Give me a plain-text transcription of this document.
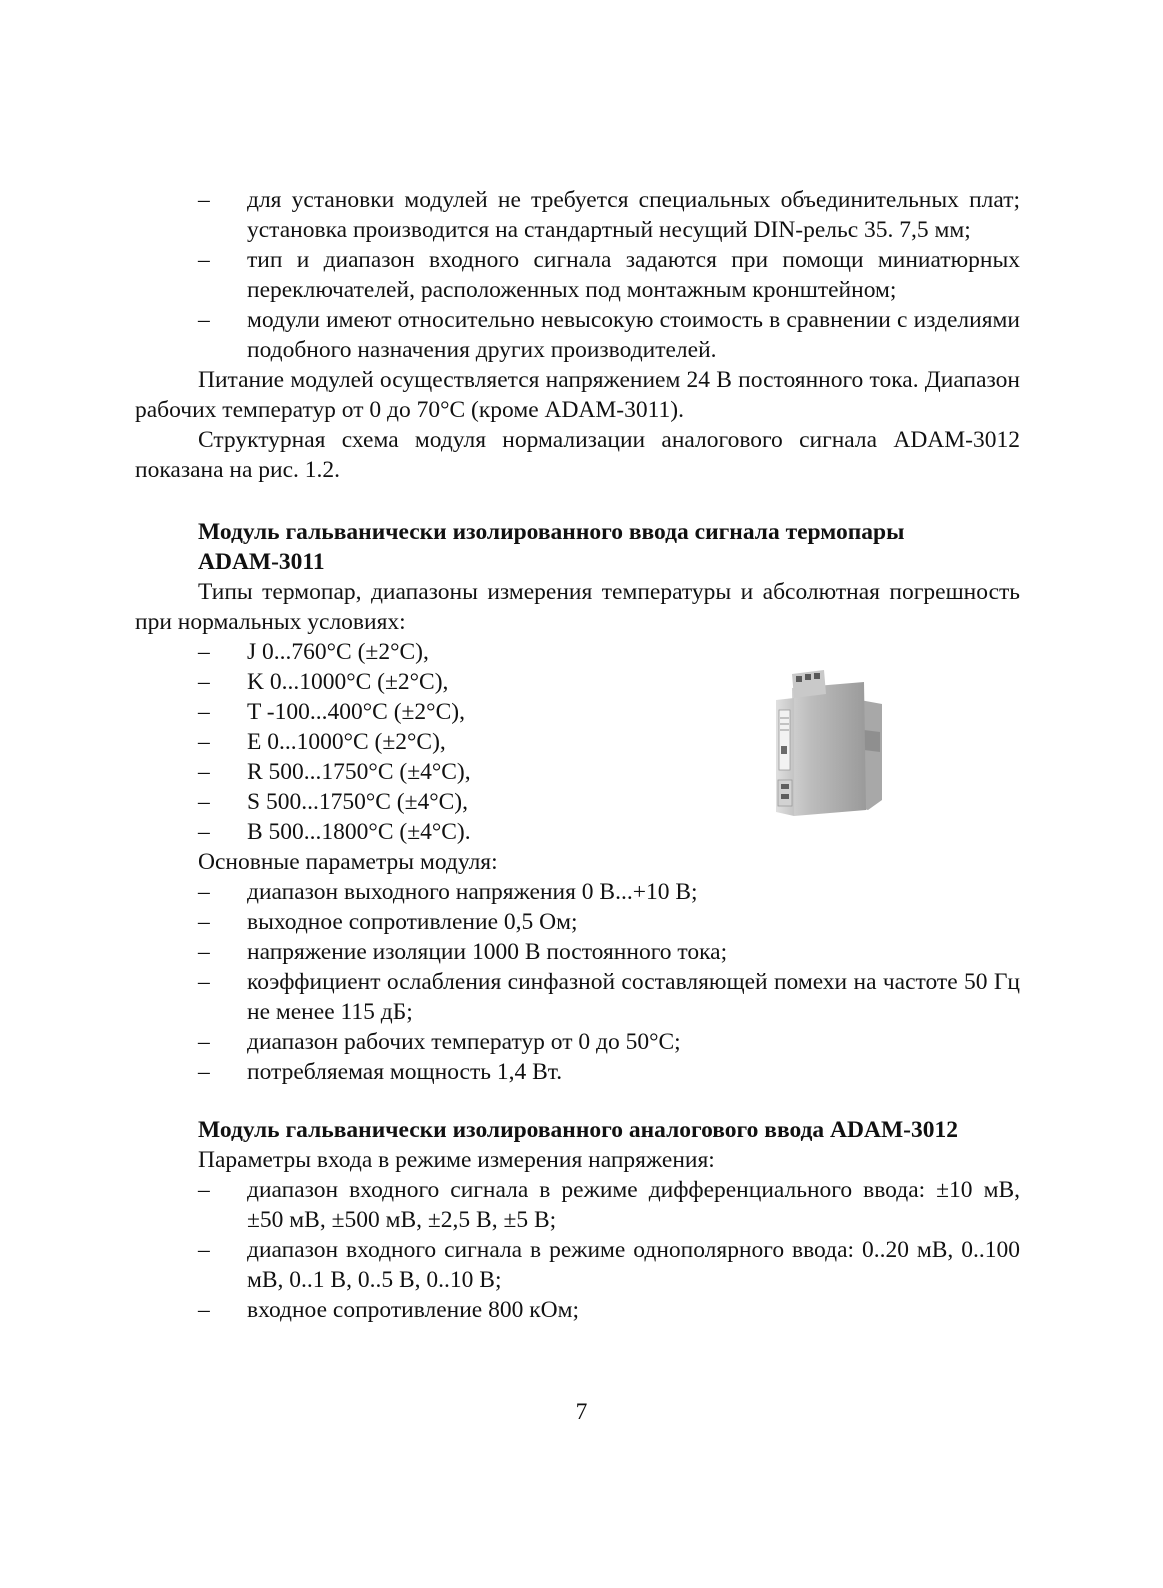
– для установки модулей не требуется специальных объединительных плат; установка производится на стандартный несущий DIN-рельс 35. 7,5 мм;
– тип и диапазон входного сигнала задаются при помощи миниатюрных переключателей, расположенных под монтажным кронштейном;
– модули имеют относительно невысокую стоимость в сравнении с изделиями подобного назначения других производителей.

Питание модулей осуществляется напряжением 24 В постоянного тока. Диапазон рабочих температур от 0 до 70°С (кроме ADAM-3011).

Структурная схема модуля нормализации аналогового сигнала ADAM-3012 показана на рис. 1.2.

Модуль гальванически изолированного ввода сигнала термопары
ADAM-3011

Типы термопар, диапазоны измерения температуры и абсолютная погрешность при нормальных условиях:

– J 0...760°С (±2°С),
– K 0...1000°С (±2°С),
– T -100...400°С (±2°С),
– E 0...1000°С (±2°С),
– R 500...1750°С (±4°С),
– S 500...1750°С (±4°С),
– B 500...1800°С (±4°С).

Основные параметры модуля:

– диапазон выходного напряжения 0 В...+10 В;
– выходное сопротивление 0,5 Ом;
– напряжение изоляции 1000 В постоянного тока;
– коэффициент ослабления синфазной составляющей помехи на частоте 50 Гц не менее 115 дБ;
– диапазон рабочих температур от 0 до 50°С;
– потребляемая мощность 1,4 Вт.

Модуль гальванически изолированного аналогового ввода ADAM-3012

Параметры входа в режиме измерения напряжения:

– диапазон входного сигнала в режиме дифференциального ввода: ±10 мВ, ±50 мВ, ±500 мВ, ±2,5 В, ±5 В;
– диапазон входного сигнала в режиме однополярного ввода: 0..20 мВ, 0..100 мВ, 0..1 В, 0..5 В, 0..10 В;
– входное сопротивление 800 кОм;
7
